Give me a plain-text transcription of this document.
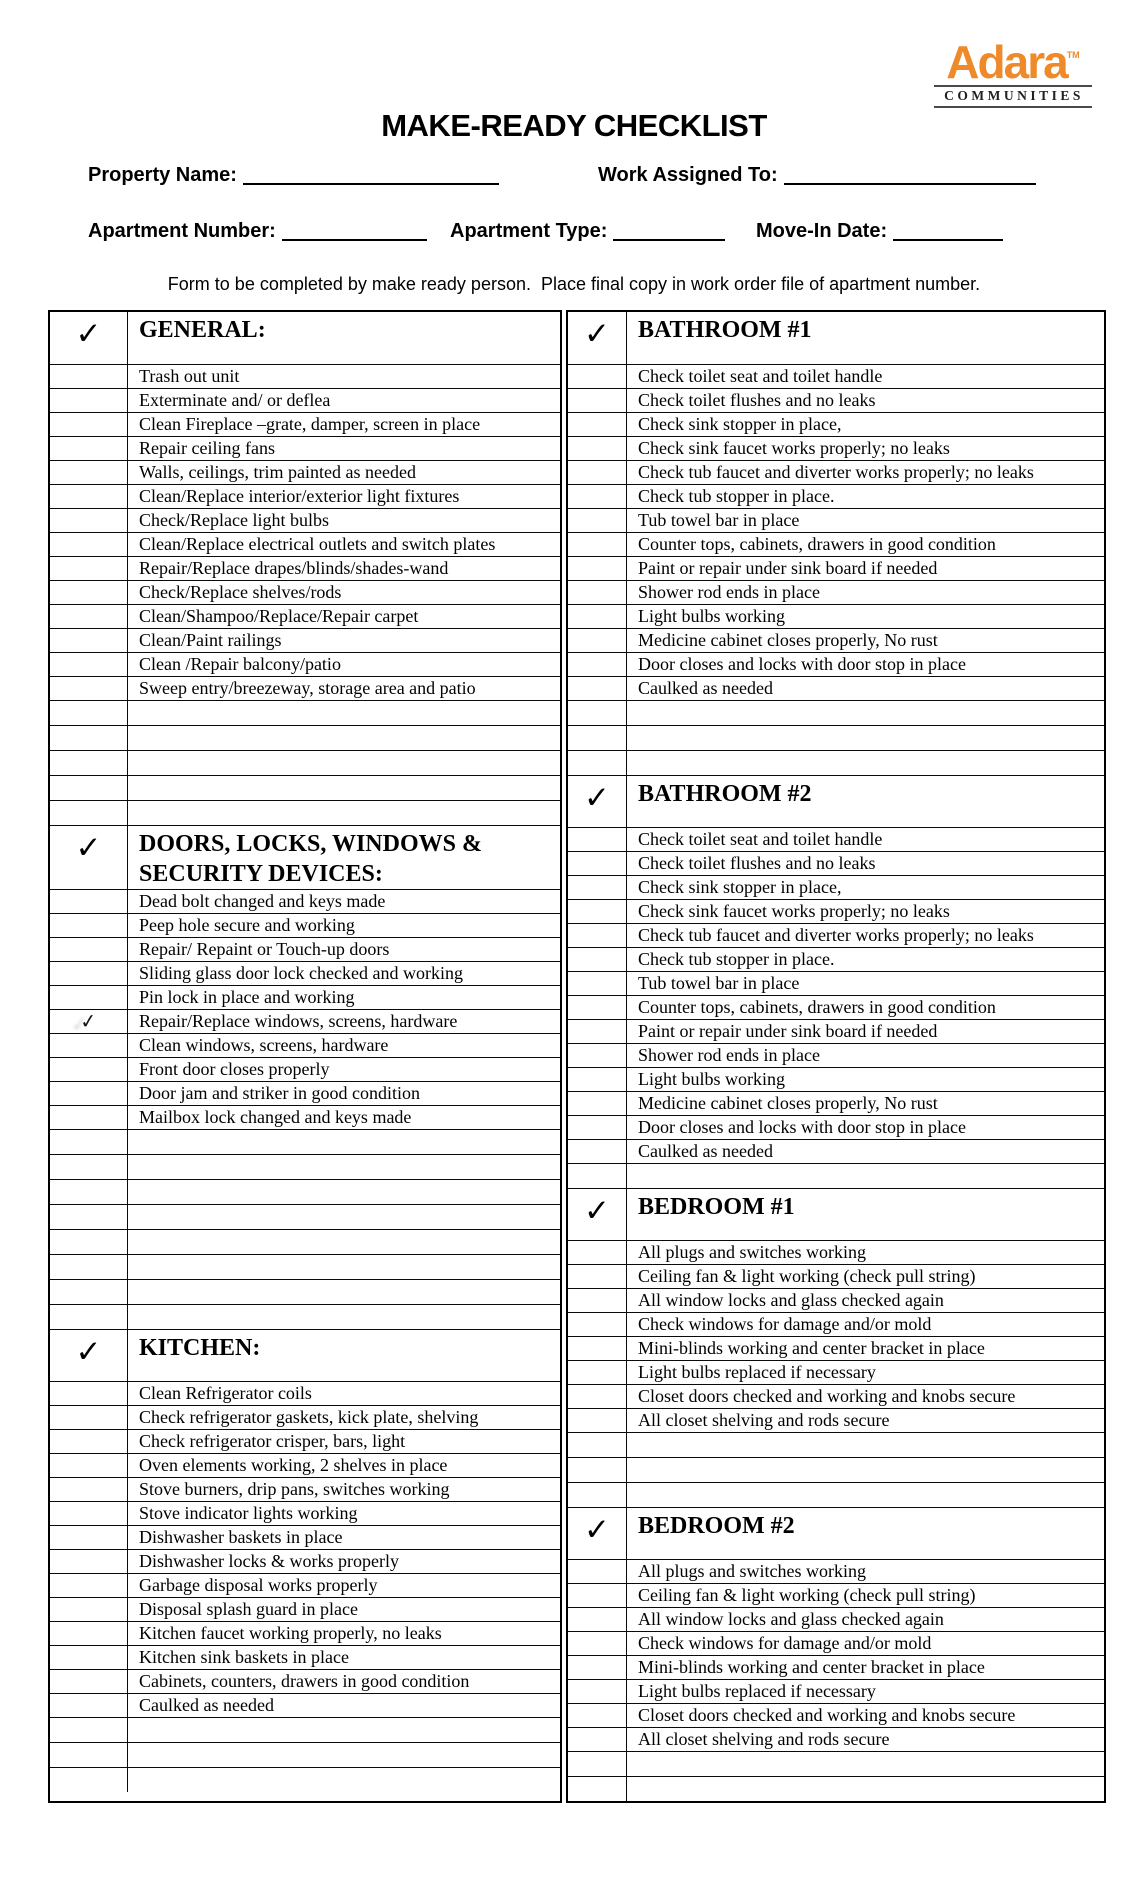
Adara™
COMMUNITIES
MAKE-READY CHECKLIST
Property Name:	Work Assigned To:
Apartment Number:	Apartment Type:	Move-In Date:
Form to be completed by make ready person.  Place final copy in work order file of apartment number.
✓	GENERAL:
Trash out unit
Exterminate and/ or deflea
Clean Fireplace –grate, damper, screen in place
Repair ceiling fans
Walls, ceilings, trim painted as needed
Clean/Replace interior/exterior light fixtures
Check/Replace light bulbs
Clean/Replace electrical outlets and switch plates
Repair/Replace drapes/blinds/shades-wand
Check/Replace shelves/rods
Clean/Shampoo/Replace/Repair carpet
Clean/Paint railings
Clean /Repair balcony/patio
Sweep entry/breezeway, storage area and patio
✓	DOORS, LOCKS, WINDOWS & SECURITY DEVICES:
Dead bolt changed and keys made
Peep hole secure and working
Repair/ Repaint or Touch-up doors
Sliding glass door lock checked and working
Pin lock in place and working
✓	Repair/Replace windows, screens, hardware
Clean windows, screens, hardware
Front door closes properly
Door jam and striker in good condition
Mailbox lock changed and keys made
✓	KITCHEN:
Clean Refrigerator coils
Check refrigerator gaskets, kick plate, shelving
Check refrigerator crisper, bars, light
Oven elements working, 2 shelves in place
Stove burners, drip pans, switches working
Stove indicator lights working
Dishwasher baskets in place
Dishwasher locks & works properly
Garbage disposal works properly
Disposal splash guard in place
Kitchen faucet working properly, no leaks
Kitchen sink baskets in place
Cabinets, counters, drawers in good condition
Caulked as needed
✓	BATHROOM #1
Check toilet seat and toilet handle
Check toilet flushes and no leaks
Check sink stopper in place,
Check sink faucet works properly; no leaks
Check tub faucet and diverter works properly; no leaks
Check tub stopper in place.
Tub towel bar in place
Counter tops, cabinets, drawers in good condition
Paint or repair under sink board if needed
Shower rod ends in place
Light bulbs working
Medicine cabinet closes properly, No rust
Door closes and locks with door stop in place
Caulked as needed
✓	BATHROOM #2
Check toilet seat and toilet handle
Check toilet flushes and no leaks
Check sink stopper in place,
Check sink faucet works properly; no leaks
Check tub faucet and diverter works properly; no leaks
Check tub stopper in place.
Tub towel bar in place
Counter tops, cabinets, drawers in good condition
Paint or repair under sink board if needed
Shower rod ends in place
Light bulbs working
Medicine cabinet closes properly, No rust
Door closes and locks with door stop in place
Caulked as needed
✓	BEDROOM #1
All plugs and switches working
Ceiling fan & light working (check pull string)
All window locks and glass checked again
Check windows for damage and/or mold
Mini-blinds working and center bracket in place
Light bulbs replaced if necessary
Closet doors checked and working and knobs secure
All closet shelving and rods secure
✓	BEDROOM #2
All plugs and switches working
Ceiling fan & light working (check pull string)
All window locks and glass checked again
Check windows for damage and/or mold
Mini-blinds working and center bracket in place
Light bulbs replaced if necessary
Closet doors checked and working and knobs secure
All closet shelving and rods secure
